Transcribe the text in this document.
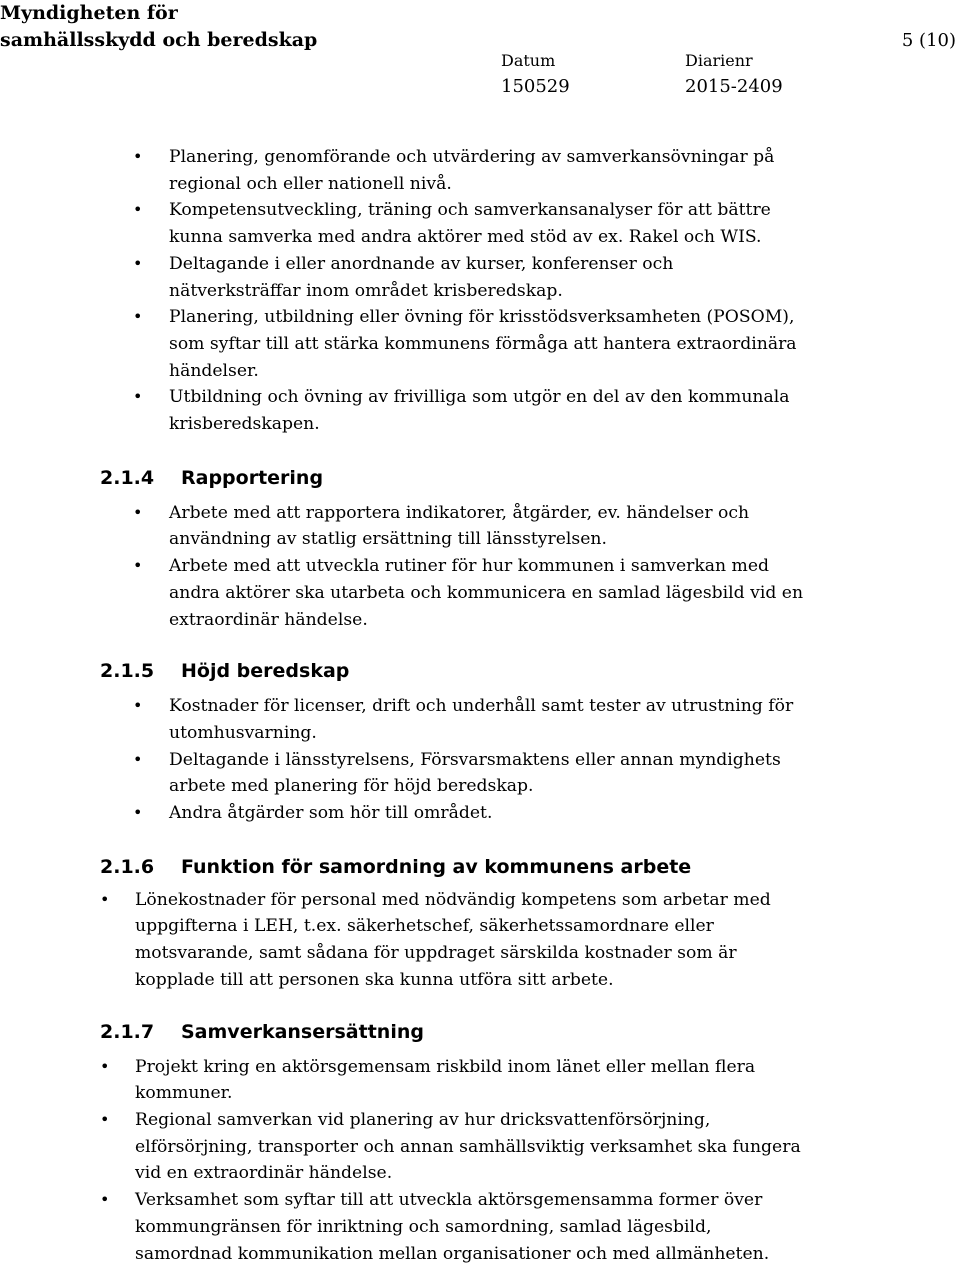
Myndigheten för
samhällsskydd och beredskap	5 (10)
Datum
150529
Diarienr
2015-2409
• Planering, genomförande och utvärdering av samverkansövningar på regional och eller nationell nivå.
• Kompetensutveckling, träning och samverkansanalyser för att bättre kunna samverka med andra aktörer med stöd av ex. Rakel och WIS.
• Deltagande i eller anordnande av kurser, konferenser och nätverksträffar inom området krisberedskap.
• Planering, utbildning eller övning för krisstödsverksamheten (POSOM), som syftar till att stärka kommunens förmåga att hantera extraordinära händelser.
• Utbildning och övning av frivilliga som utgör en del av den kommunala krisberedskapen.
2.1.4 Rapportering
• Arbete med att rapportera indikatorer, åtgärder, ev. händelser och användning av statlig ersättning till länsstyrelsen.
• Arbete med att utveckla rutiner för hur kommunen i samverkan med andra aktörer ska utarbeta och kommunicera en samlad lägesbild vid en extraordinär händelse.
2.1.5 Höjd beredskap
• Kostnader för licenser, drift och underhåll samt tester av utrustning för utomhusvarning.
• Deltagande i länsstyrelsens, Försvarsmaktens eller annan myndighets arbete med planering för höjd beredskap.
• Andra åtgärder som hör till området.
2.1.6 Funktion för samordning av kommunens arbete
• Lönekostnader för personal med nödvändig kompetens som arbetar med uppgifterna i LEH, t.ex. säkerhetschef, säkerhetssamordnare eller motsvarande, samt sådana för uppdraget särskilda kostnader som är kopplade till att personen ska kunna utföra sitt arbete.
2.1.7 Samverkansersättning
• Projekt kring en aktörsgemensam riskbild inom länet eller mellan flera kommuner.
• Regional samverkan vid planering av hur dricksvattenförsörjning, elförsörjning, transporter och annan samhällsviktig verksamhet ska fungera vid en extraordinär händelse.
• Verksamhet som syftar till att utveckla aktörsgemensamma former över kommungränsen för inriktning och samordning, samlad lägesbild, samordnad kommunikation mellan organisationer och med allmänheten.
